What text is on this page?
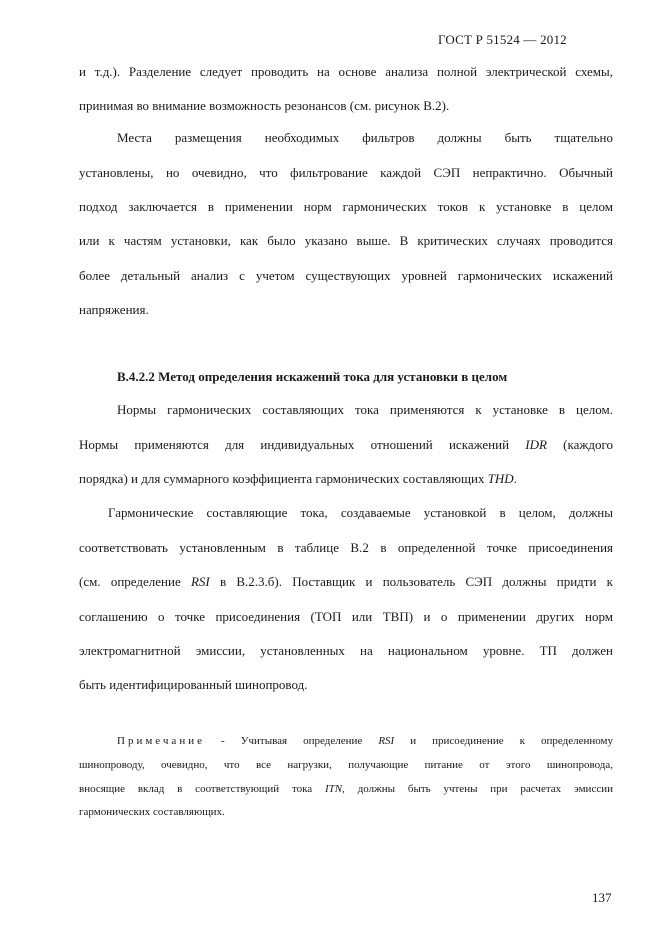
ГОСТ Р 51524 — 2012
и т.д.). Разделение следует проводить на основе анализа полной электрической схемы,
принимая во внимание возможность резонансов (см. рисунок В.2).
Места размещения необходимых фильтров должны быть тщательно
установлены, но очевидно, что фильтрование каждой СЭП непрактично. Обычный
подход заключается в применении норм гармонических токов к установке в целом
или к частям установки, как было указано выше. В критических случаях проводится
более детальный анализ с учетом существующих уровней гармонических искажений
напряжения.
В.4.2.2 Метод определения искажений тока для установки в целом
Нормы гармонических составляющих тока применяются к установке в целом.
Нормы применяются для индивидуальных отношений искажений IDR (каждого
порядка) и для суммарного коэффициента гармонических составляющих THD.
Гармонические составляющие тока, создаваемые установкой в целом, должны
соответствовать установленным в таблице В.2 в определенной точке присоединения
(см. определение RSI в В.2.3.б). Поставщик и пользователь СЭП должны придти к
соглашению о точке присоединения (ТОП или ТВП) и о применении других норм
электромагнитной эмиссии, установленных на национальном уровне. ТП должен
быть идентифицированный шинопровод.
Примечание - Учитывая определение RSI и присоединение к определенному
шинопроводу, очевидно, что все нагрузки, получающие питание от этого шинопровода,
вносящие вклад в соответствующий тока ITN, должны быть учтены при расчетах эмиссии
гармонических составляющих.
137
